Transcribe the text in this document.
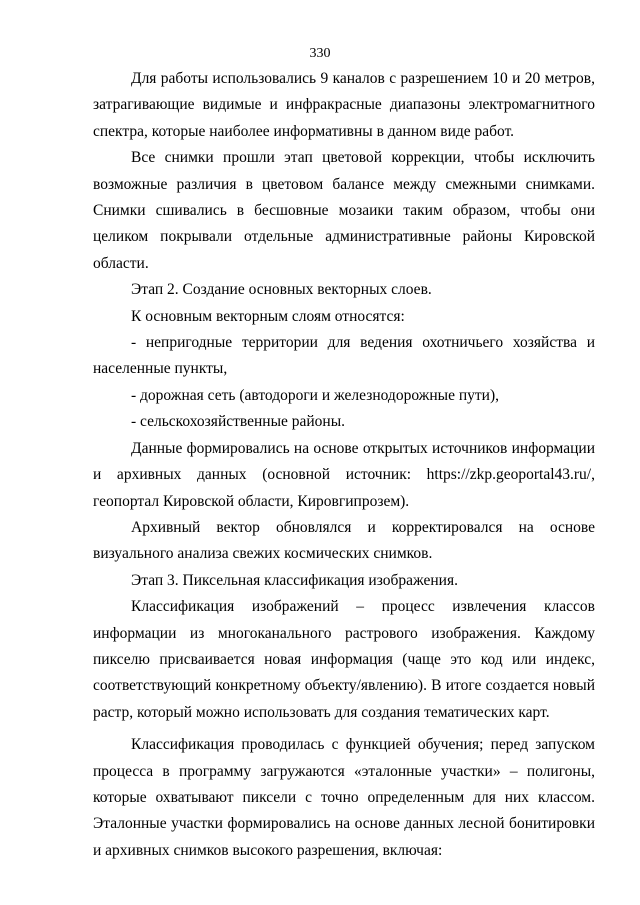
330

Для работы использовались 9 каналов с разрешением 10 и 20 метров, затрагивающие видимые и инфракрасные диапазоны электромагнитного спектра, которые наиболее информативны в данном виде работ.

Все снимки прошли этап цветовой коррекции, чтобы исключить возможные различия в цветовом балансе между смежными снимками. Снимки сшивались в бесшовные мозаики таким образом, чтобы они целиком покрывали отдельные административные районы Кировской области.

Этап 2. Создание основных векторных слоев.

К основным векторным слоям относятся:

- непригодные территории для ведения охотничьего хозяйства и населенные пункты,

- дорожная сеть (автодороги и железнодорожные пути),

- сельскохозяйственные районы.

Данные формировались на основе открытых источников информации и архивных данных (основной источник: https://zkp.geoportal43.ru/, геопортал Кировской области, Кировгипрозем).

Архивный вектор обновлялся и корректировался на основе визуального анализа свежих космических снимков.

Этап 3. Пиксельная классификация изображения.

Классификация изображений – процесс извлечения классов информации из многоканального растрового изображения. Каждому пикселю присваивается новая информация (чаще это код или индекс, соответствующий конкретному объекту/явлению). В итоге создается новый растр, который можно использовать для создания тематических карт.

Классификация проводилась с функцией обучения; перед запуском процесса в программу загружаются «эталонные участки» – полигоны, которые охватывают пиксели с точно определенным для них классом. Эталонные участки формировались на основе данных лесной бонитировки и архивных снимков высокого разрешения, включая:
